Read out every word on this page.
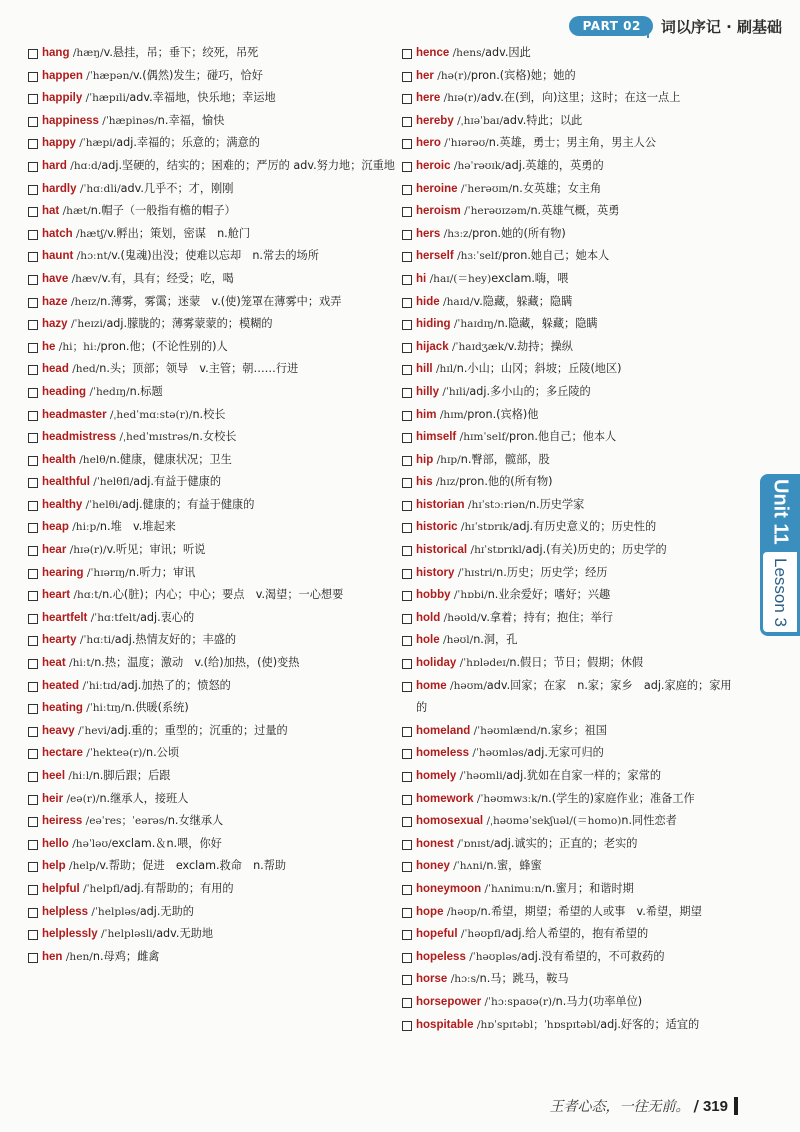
PART 02	词以序记 · 刷基础
hang /hæŋ/v.悬挂，吊；垂下；绞死，吊死
happen /ˈhæpən/v.(偶然)发生；碰巧，恰好
happily /ˈhæpɪli/adv.幸福地，快乐地；幸运地
happiness /ˈhæpinəs/n.幸福，愉快
happy /ˈhæpi/adj.幸福的；乐意的；满意的
hard /hɑːd/adj.坚硬的，结实的；困难的；严厉的 adv.努力地；沉重地
hardly /ˈhɑːdli/adv.几乎不；才，刚刚
hat /hæt/n.帽子（一般指有檐的帽子）
hatch /hætʃ/v.孵出；策划，密谋　n.舱门
haunt /hɔːnt/v.(鬼魂)出没；使难以忘却　n.常去的场所
have /hæv/v.有，具有；经受；吃，喝
haze /heɪz/n.薄雾，雾霭；迷蒙　v.(使)笼罩在薄雾中；戏弄
hazy /ˈheɪzi/adj.朦胧的；薄雾蒙蒙的；模糊的
he /hi；hiː/pron.他；(不论性别的)人
head /hed/n.头；顶部；领导　v.主管；朝……行进
heading /ˈhedɪŋ/n.标题
headmaster /ˌhedˈmɑːstə(r)/n.校长
headmistress /ˌhedˈmɪstrəs/n.女校长
health /helθ/n.健康，健康状况；卫生
healthful /ˈhelθfl/adj.有益于健康的
healthy /ˈhelθi/adj.健康的；有益于健康的
heap /hiːp/n.堆　v.堆起来
hear /hɪə(r)/v.听见；审讯；听说
hearing /ˈhɪərɪŋ/n.听力；审讯
heart /hɑːt/n.心(脏)；内心；中心；要点　v.渴望；一心想要
heartfelt /ˈhɑːtfelt/adj.衷心的
hearty /ˈhɑːti/adj.热情友好的；丰盛的
heat /hiːt/n.热；温度；激动　v.(给)加热，(使)变热
heated /ˈhiːtɪd/adj.加热了的；愤怒的
heating /ˈhiːtɪŋ/n.供暖(系统)
heavy /ˈhevi/adj.重的；重型的；沉重的；过量的
hectare /ˈhekteə(r)/n.公顷
heel /hiːl/n.脚后跟；后跟
heir /eə(r)/n.继承人，接班人
heiress /eəˈres；ˈeərəs/n.女继承人
hello /həˈləʊ/exclam.＆n.喂，你好
help /help/v.帮助；促进　exclam.救命　n.帮助
helpful /ˈhelpfl/adj.有帮助的；有用的
helpless /ˈhelpləs/adj.无助的
helplessly /ˈhelpləsli/adv.无助地
hen /hen/n.母鸡；雌禽
hence /hens/adv.因此
her /hə(r)/pron.(宾格)她；她的
here /hɪə(r)/adv.在(到，向)这里；这时；在这一点上
hereby /ˌhɪəˈbaɪ/adv.特此；以此
hero /ˈhɪərəʊ/n.英雄，勇士；男主角，男主人公
heroic /həˈrəʊɪk/adj.英雄的，英勇的
heroine /ˈherəʊɪn/n.女英雄；女主角
heroism /ˈherəʊɪzəm/n.英雄气概，英勇
hers /hɜːz/pron.她的(所有物)
herself /hɜːˈself/pron.她自己；她本人
hi /haɪ/(＝hey)exclam.嗨，喂
hide /haɪd/v.隐藏，躲藏；隐瞒
hiding /ˈhaɪdɪŋ/n.隐藏，躲藏；隐瞒
hijack /ˈhaɪdʒæk/v.劫持；操纵
hill /hɪl/n.小山；山冈；斜坡；丘陵(地区)
hilly /ˈhɪli/adj.多小山的；多丘陵的
him /hɪm/pron.(宾格)他
himself /hɪmˈself/pron.他自己；他本人
hip /hɪp/n.臀部，髋部，股
his /hɪz/pron.他的(所有物)
historian /hɪˈstɔːriən/n.历史学家
historic /hɪˈstɒrɪk/adj.有历史意义的；历史性的
historical /hɪˈstɒrɪkl/adj.(有关)历史的；历史学的
history /ˈhɪstri/n.历史；历史学；经历
hobby /ˈhɒbi/n.业余爱好；嗜好；兴趣
hold /həʊld/v.拿着；持有；抱住；举行
hole /həʊl/n.洞，孔
holiday /ˈhɒlədeɪ/n.假日；节日；假期；休假
home /həʊm/adv.回家；在家　n.家；家乡　adj.家庭的；家用的
homeland /ˈhəʊmlænd/n.家乡；祖国
homeless /ˈhəʊmləs/adj.无家可归的
homely /ˈhəʊmli/adj.犹如在自家一样的；家常的
homework /ˈhəʊmwɜːk/n.(学生的)家庭作业；准备工作
homosexual /ˌhəʊməˈsekʃuəl/(＝homo)n.同性恋者
honest /ˈɒnɪst/adj.诚实的；正直的；老实的
honey /ˈhʌni/n.蜜，蜂蜜
honeymoon /ˈhʌnimuːn/n.蜜月；和谐时期
hope /həʊp/n.希望，期望；希望的人或事　v.希望，期望
hopeful /ˈhəʊpfl/adj.给人希望的，抱有希望的
hopeless /ˈhəʊpləs/adj.没有希望的，不可救药的
horse /hɔːs/n.马；跳马，鞍马
horsepower /ˈhɔːspaʊə(r)/n.马力(功率单位)
hospitable /hɒˈspɪtəbl；ˈhɒspɪtəbl/adj.好客的；适宜的
Unit 11
Lesson 3
王者心态，一往无前。 / 319
